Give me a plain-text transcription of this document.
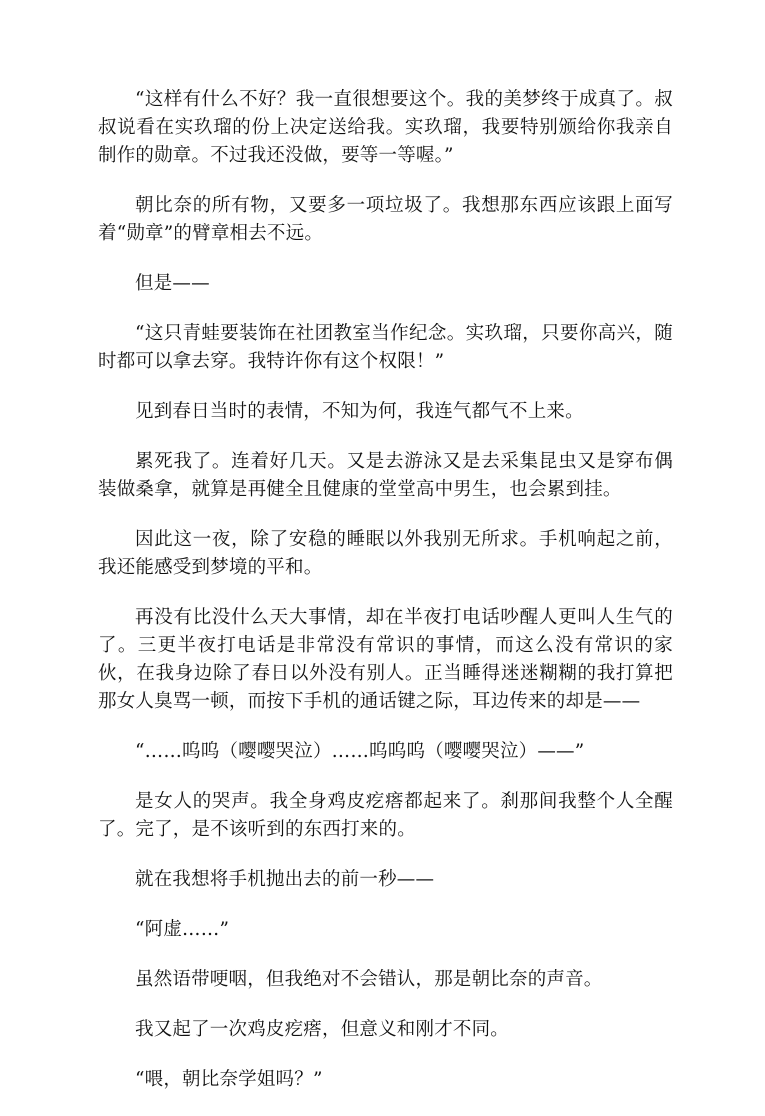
“这样有什么不好？我一直很想要这个。我的美梦终于成真了。叔叔说看在实玖瑠的份上决定送给我。实玖瑠，我要特别颁给你我亲自制作的勋章。不过我还没做，要等一等喔。”

朝比奈的所有物，又要多一项垃圾了。我想那东西应该跟上面写着“勋章”的臂章相去不远。

但是——

“这只青蛙要装饰在社团教室当作纪念。实玖瑠，只要你高兴，随时都可以拿去穿。我特许你有这个权限！”

见到春日当时的表情，不知为何，我连气都气不上来。

累死我了。连着好几天。又是去游泳又是去采集昆虫又是穿布偶装做桑拿，就算是再健全且健康的堂堂高中男生，也会累到挂。

因此这一夜，除了安稳的睡眠以外我别无所求。手机响起之前，我还能感受到梦境的平和。

再没有比没什么天大事情，却在半夜打电话吵醒人更叫人生气的了。三更半夜打电话是非常没有常识的事情，而这么没有常识的家伙，在我身边除了春日以外没有别人。正当睡得迷迷糊糊的我打算把那女人臭骂一顿，而按下手机的通话键之际，耳边传来的却是——

“……呜呜（嘤嘤哭泣）……呜呜呜（嘤嘤哭泣）——”

是女人的哭声。我全身鸡皮疙瘩都起来了。刹那间我整个人全醒了。完了，是不该听到的东西打来的。

就在我想将手机抛出去的前一秒——

“阿虚……”

虽然语带哽咽，但我绝对不会错认，那是朝比奈的声音。

我又起了一次鸡皮疙瘩，但意义和刚才不同。

“喂，朝比奈学姐吗？”
